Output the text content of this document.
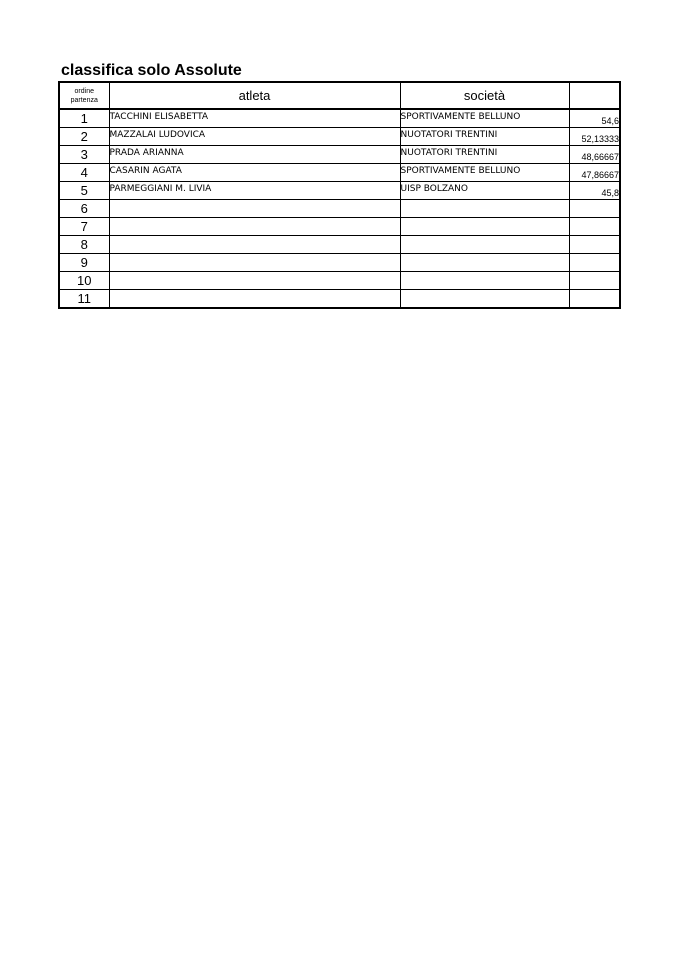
classifica solo Assolute
ordine partenza	atleta	società	
1	TACCHINI ELISABETTA	SPORTIVAMENTE BELLUNO	54,6
2	MAZZALAI LUDOVICA	NUOTATORI TRENTINI	52,13333
3	PRADA ARIANNA	NUOTATORI TRENTINI	48,66667
4	CASARIN AGATA	SPORTIVAMENTE BELLUNO	47,86667
5	PARMEGGIANI M. LIVIA	UISP BOLZANO	45,8
6			
7			
8			
9			
10			
11			
